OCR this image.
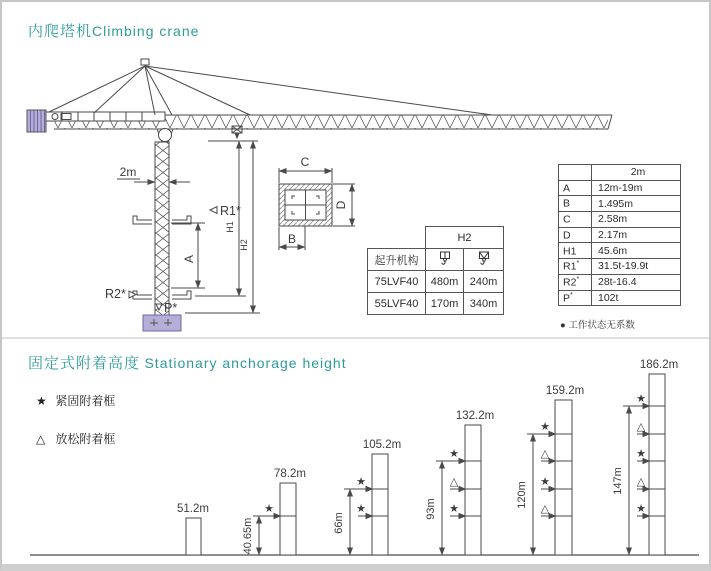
内爬塔机Climbing crane
2m
A
R1*
R2*
P*
H1
H2
C
D
B
		H2	
起升机构		
75LVF40	480m	240m
55LVF40	170m	340m
	2m
A	12m-19m
B	1.495m
C	2.58m
D	2.17m
H1	45.6m
R1*	31.5t-19.9t
R2*	28t-16.4
P*	102t
● 工作状态无系数
固定式附着高度 Stationary anchorage height
★ 紧固附着框
△ 放松附着框
51.2m
78.2m
105.2m
132.2m
159.2m
186.2m
40.65m	66m
93m
120m
147m
★
★
★
★
△
★
★
△
★
△
★
△
★
△
★
